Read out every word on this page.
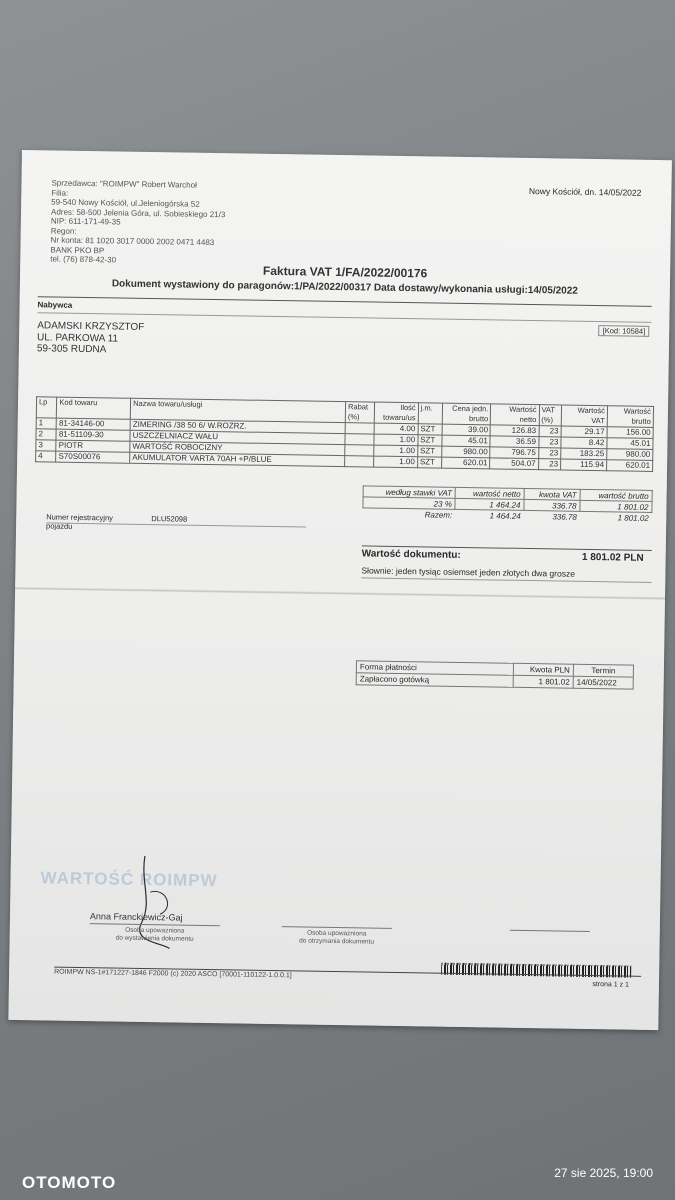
Sprzedawca: "ROIMPW" Robert Warchoł
Filia:
59-540 Nowy Kościół, ul.Jeleniogórska 52
Adres: 58-500 Jelenia Góra, ul. Sobieskiego 21/3
NIP: 611-171-49-35
Regon:
Nr konta: 81 1020 3017 0000 2002 0471 4483
BANK PKO BP
tel. (76) 878-42-30
Nowy Kościół, dn. 14/05/2022
Faktura VAT 1/FA/2022/00176
Dokument wystawiony do paragonów:1/PA/2022/00317 Data dostawy/wykonania usługi:14/05/2022
Nabywca
[Kod: 10584]
ADAMSKI KRZYSZTOF
UL. PARKOWA 11
59-305 RUDNA
Lp	Kod towaru	Nazwa towaru/usługi	Rabat (%)	Ilość towaru/us	j.m.	Cena jedn. brutto	Wartość netto	VAT (%)	Wartość VAT	Wartość brutto
1	81-34146-00	ZIMERING /38 50 6/ W.ROZRZ.		4.00	SZT	39.00	126.83	23	29.17	156.00
2	81-51109-30	USZCZELNIACZ WAŁU		1.00	SZT	45.01	36.59	23	8.42	45.01
3	PIOTR	WARTOŚĆ ROBOCIZNY		1.00	SZT	980.00	796.75	23	183.25	980.00
4	S70S00076	AKUMULATOR VARTA 70AH +P/BLUE		1.00	SZT	620.01	504.07	23	115.94	620.01
według stawki VAT	wartość netto	kwota VAT	wartość brutto
23 %	1 464.24	336.78	1 801.02
Razem:	1 464.24	336.78	1 801.02
Numer rejestracyjny pojazdu DLU52098
Wartość dokumentu:	1 801.02 PLN
Słownie: jeden tysiąc osiemset jeden złotych dwa grosze
Forma płatności	Kwota PLN	Termin
Zapłacono gotówką	1 801.02	14/05/2022
WARTOŚĆ ROIMPW
Anna Franckiewicz-Gaj
Osoba upoważniona
do wystawienia dokumentu
Osoba upoważniona
do otrzymania dokumentu
ROIMPW NS-1#171227-1846 F2000 (c) 2020 ASCO [70001-110122-1.0.0.1]
strona 1 z 1
OTOMOTO	27 sie 2025, 19:00
